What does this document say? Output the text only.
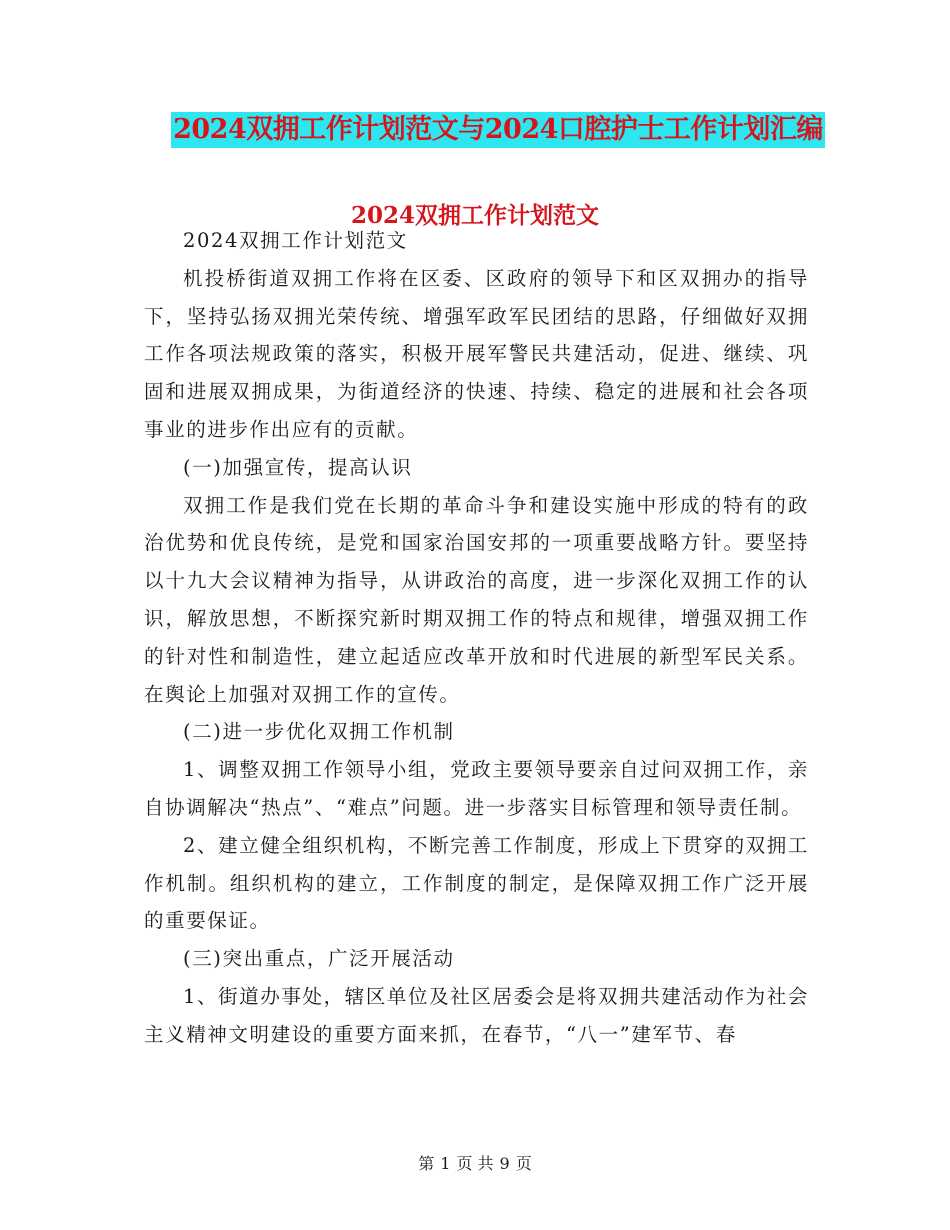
2024双拥工作计划范文与2024口腔护士工作计划汇编
2024双拥工作计划范文

2024双拥工作计划范文

机投桥街道双拥工作将在区委、区政府的领导下和区双拥办的指导下，坚持弘扬双拥光荣传统、增强军政军民团结的思路，仔细做好双拥工作各项法规政策的落实，积极开展军警民共建活动，促进、继续、巩固和进展双拥成果，为街道经济的快速、持续、稳定的进展和社会各项事业的进步作出应有的贡献。

(一)加强宣传，提高认识

双拥工作是我们党在长期的革命斗争和建设实施中形成的特有的政治优势和优良传统，是党和国家治国安邦的一项重要战略方针。要坚持以十九大会议精神为指导，从讲政治的高度，进一步深化双拥工作的认识，解放思想，不断探究新时期双拥工作的特点和规律，增强双拥工作的针对性和制造性，建立起适应改革开放和时代进展的新型军民关系。在舆论上加强对双拥工作的宣传。

(二)进一步优化双拥工作机制

1、调整双拥工作领导小组，党政主要领导要亲自过问双拥工作，亲自协调解决“热点”、“难点”问题。进一步落实目标管理和领导责任制。

2、建立健全组织机构，不断完善工作制度，形成上下贯穿的双拥工作机制。组织机构的建立，工作制度的制定，是保障双拥工作广泛开展的重要保证。

(三)突出重点，广泛开展活动

1、街道办事处，辖区单位及社区居委会是将双拥共建活动作为社会主义精神文明建设的重要方面来抓，在春节，“八一”建军节、春

第 1 页 共 9 页
